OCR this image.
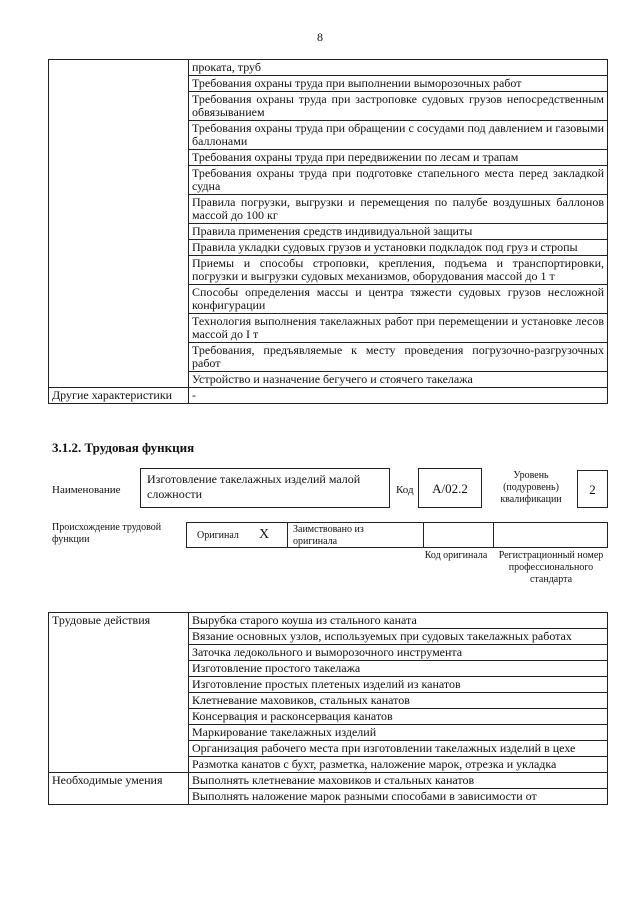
8
	проката, труб
	Требования охраны труда при выполнении выморозочных работ
	Требования охраны труда при застроповке судовых грузов непосредственным обвязыванием
	Требования охраны труда при обращении с сосудами под давлением и газовыми баллонами
	Требования охраны труда при передвижении по лесам и трапам
	Требования охраны труда при подготовке стапельного места перед закладкой судна
	Правила погрузки, выгрузки и перемещения по палубе воздушных баллонов массой до 100 кг
	Правила применения средств индивидуальной защиты
	Правила укладки судовых грузов и установки подкладок под груз и стропы
	Приемы и способы строповки, крепления, подъема и транспортировки, погрузки и выгрузки судовых механизмов, оборудования массой до 1 т
	Способы определения массы и центра тяжести судовых грузов несложной конфигурации
	Технология выполнения такелажных работ при перемещении и установке лесов массой до I т
	Требования, предъявляемые к месту проведения погрузочно-разгрузочных работ
	Устройство и назначение бегучего и стоячего такелажа
Другие характеристики	-
3.1.2. Трудовая функция
Наименование
Изготовление такелажных изделий малой сложности	Код	A/02.2
Уровень (подуровень) квалификации
2
Происхождение трудовой функции	Оригинал X Заимствовано из оригинала
Код оригинала Регистрационный номер профессионального стандарта
Трудовые действия	Вырубка старого коуша из стального каната
	Вязание основных узлов, используемых при судовых такелажных работах
	Заточка ледокольного и выморозочного инструмента
	Изготовление простого такелажа
	Изготовление простых плетеных изделий из канатов
	Клетневание маховиков, стальных канатов
	Консервация и расконсервация канатов
	Маркирование такелажных изделий
	Организация рабочего места при изготовлении такелажных изделий в цехе
	Размотка канатов с бухт, разметка, наложение марок, отрезка и укладка
Необходимые умения	Выполнять клетневание маховиков и стальных канатов
	Выполнять наложение марок разными способами в зависимости от
